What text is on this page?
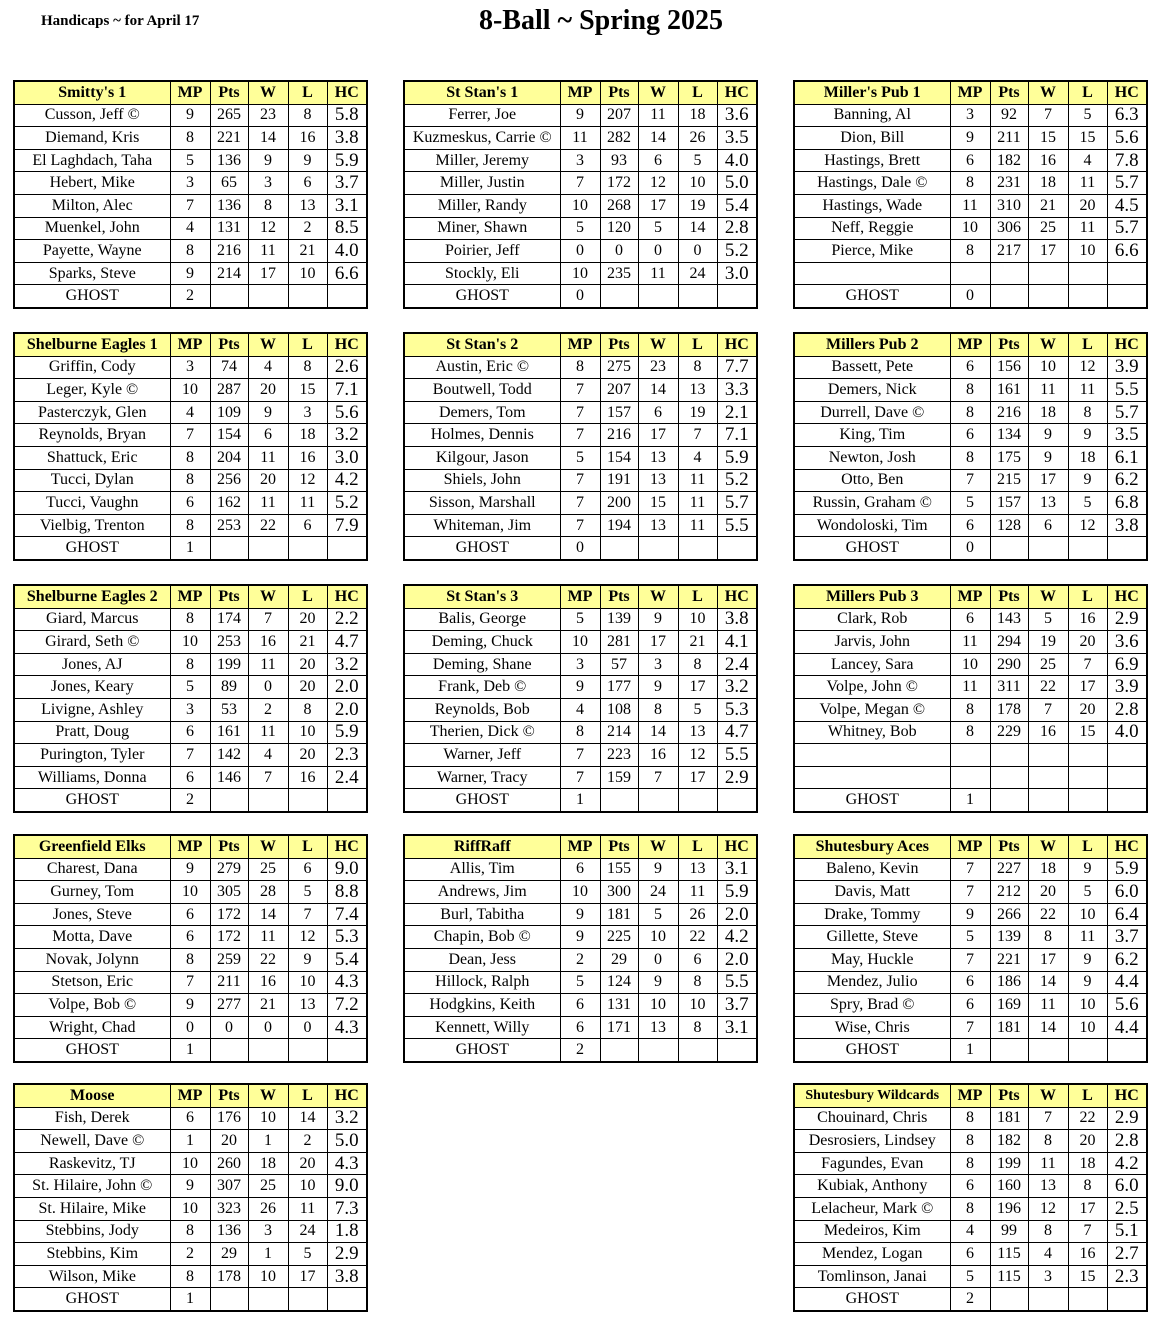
Handicaps ~ for April 17	8-Ball ~ Spring 2025
Smitty's 1	MP	Pts	W	L	HC
Cusson, Jeff ©	9	265	23	8	5.8
Diemand, Kris	8	221	14	16	3.8
El Laghdach, Taha	5	136	9	9	5.9
Hebert, Mike	3	65	3	6	3.7
Milton, Alec	7	136	8	13	3.1
Muenkel, John	4	131	12	2	8.5
Payette, Wayne	8	216	11	21	4.0
Sparks, Steve	9	214	17	10	6.6
GHOST	2				
St Stan's 1	MP	Pts	W	L	HC
Ferrer, Joe	9	207	11	18	3.6
Kuzmeskus, Carrie ©	11	282	14	26	3.5
Miller, Jeremy	3	93	6	5	4.0
Miller, Justin	7	172	12	10	5.0
Miller, Randy	10	268	17	19	5.4
Miner, Shawn	5	120	5	14	2.8
Poirier, Jeff	0	0	0	0	5.2
Stockly, Eli	10	235	11	24	3.0
GHOST	0				
Miller's Pub 1	MP	Pts	W	L	HC
Banning, Al	3	92	7	5	6.3
Dion, Bill	9	211	15	15	5.6
Hastings, Brett	6	182	16	4	7.8
Hastings, Dale ©	8	231	18	11	5.7
Hastings, Wade	11	310	21	20	4.5
Neff, Reggie	10	306	25	11	5.7
Pierce, Mike	8	217	17	10	6.6

GHOST	0				
Shelburne Eagles 1	MP	Pts	W	L	HC
Griffin, Cody	3	74	4	8	2.6
Leger, Kyle ©	10	287	20	15	7.1
Pasterczyk, Glen	4	109	9	3	5.6
Reynolds, Bryan	7	154	6	18	3.2
Shattuck, Eric	8	204	11	16	3.0
Tucci, Dylan	8	256	20	12	4.2
Tucci, Vaughn	6	162	11	11	5.2
Vielbig, Trenton	8	253	22	6	7.9
GHOST	1				
St Stan's 2	MP	Pts	W	L	HC
Austin, Eric ©	8	275	23	8	7.7
Boutwell, Todd	7	207	14	13	3.3
Demers, Tom	7	157	6	19	2.1
Holmes, Dennis	7	216	17	7	7.1
Kilgour, Jason	5	154	13	4	5.9
Shiels, John	7	191	13	11	5.2
Sisson, Marshall	7	200	15	11	5.7
Whiteman, Jim	7	194	13	11	5.5
GHOST	0				
Millers Pub 2	MP	Pts	W	L	HC
Bassett, Pete	6	156	10	12	3.9
Demers, Nick	8	161	11	11	5.5
Durrell, Dave ©	8	216	18	8	5.7
King, Tim	6	134	9	9	3.5
Newton, Josh	8	175	9	18	6.1
Otto, Ben	7	215	17	9	6.2
Russin, Graham ©	5	157	13	5	6.8
Wondoloski, Tim	6	128	6	12	3.8
GHOST	0				
Shelburne Eagles 2	MP	Pts	W	L	HC
Giard, Marcus	8	174	7	20	2.2
Girard, Seth ©	10	253	16	21	4.7
Jones, AJ	8	199	11	20	3.2
Jones, Keary	5	89	0	20	2.0
Livigne, Ashley	3	53	2	8	2.0
Pratt, Doug	6	161	11	10	5.9
Purington, Tyler	7	142	4	20	2.3
Williams, Donna	6	146	7	16	2.4
GHOST	2				
St Stan's 3	MP	Pts	W	L	HC
Balis, George	5	139	9	10	3.8
Deming, Chuck	10	281	17	21	4.1
Deming, Shane	3	57	3	8	2.4
Frank, Deb ©	9	177	9	17	3.2
Reynolds, Bob	4	108	8	5	5.3
Therien, Dick ©	8	214	14	13	4.7
Warner, Jeff	7	223	16	12	5.5
Warner, Tracy	7	159	7	17	2.9
GHOST	1				
Millers Pub 3	MP	Pts	W	L	HC
Clark, Rob	6	143	5	16	2.9
Jarvis, John	11	294	19	20	3.6
Lancey, Sara	10	290	25	7	6.9
Volpe, John ©	11	311	22	17	3.9
Volpe, Megan ©	8	178	7	20	2.8
Whitney, Bob	8	229	16	15	4.0

GHOST	1				
Greenfield Elks	MP	Pts	W	L	HC
Charest, Dana	9	279	25	6	9.0
Gurney, Tom	10	305	28	5	8.8
Jones, Steve	6	172	14	7	7.4
Motta, Dave	6	172	11	12	5.3
Novak, Jolynn	8	259	22	9	5.4
Stetson, Eric	7	211	16	10	4.3
Volpe, Bob ©	9	277	21	13	7.2
Wright, Chad	0	0	0	0	4.3
GHOST	1				
RiffRaff	MP	Pts	W	L	HC
Allis, Tim	6	155	9	13	3.1
Andrews, Jim	10	300	24	11	5.9
Burl, Tabitha	9	181	5	26	2.0
Chapin, Bob ©	9	225	10	22	4.2
Dean, Jess	2	29	0	6	2.0
Hillock, Ralph	5	124	9	8	5.5
Hodgkins, Keith	6	131	10	10	3.7
Kennett, Willy	6	171	13	8	3.1
GHOST	2				
Shutesbury Aces	MP	Pts	W	L	HC
Baleno, Kevin	7	227	18	9	5.9
Davis, Matt	7	212	20	5	6.0
Drake, Tommy	9	266	22	10	6.4
Gillette, Steve	5	139	8	11	3.7
May, Huckle	7	221	17	9	6.2
Mendez, Julio	6	186	14	9	4.4
Spry, Brad ©	6	169	11	10	5.6
Wise, Chris	7	181	14	10	4.4
GHOST	1				
Moose	MP	Pts	W	L	HC
Fish, Derek	6	176	10	14	3.2
Newell, Dave ©	1	20	1	2	5.0
Raskevitz, TJ	10	260	18	20	4.3
St. Hilaire, John ©	9	307	25	10	9.0
St. Hilaire, Mike	10	323	26	11	7.3
Stebbins, Jody	8	136	3	24	1.8
Stebbins, Kim	2	29	1	5	2.9
Wilson, Mike	8	178	10	17	3.8
GHOST	1				
Shutesbury Wildcards	MP	Pts	W	L	HC
Chouinard, Chris	8	181	7	22	2.9
Desrosiers, Lindsey	8	182	8	20	2.8
Fagundes, Evan	8	199	11	18	4.2
Kubiak, Anthony	6	160	13	8	6.0
Lelacheur, Mark ©	8	196	12	17	2.5
Medeiros, Kim	4	99	8	7	5.1
Mendez, Logan	6	115	4	16	2.7
Tomlinson, Janai	5	115	3	15	2.3
GHOST	2				
